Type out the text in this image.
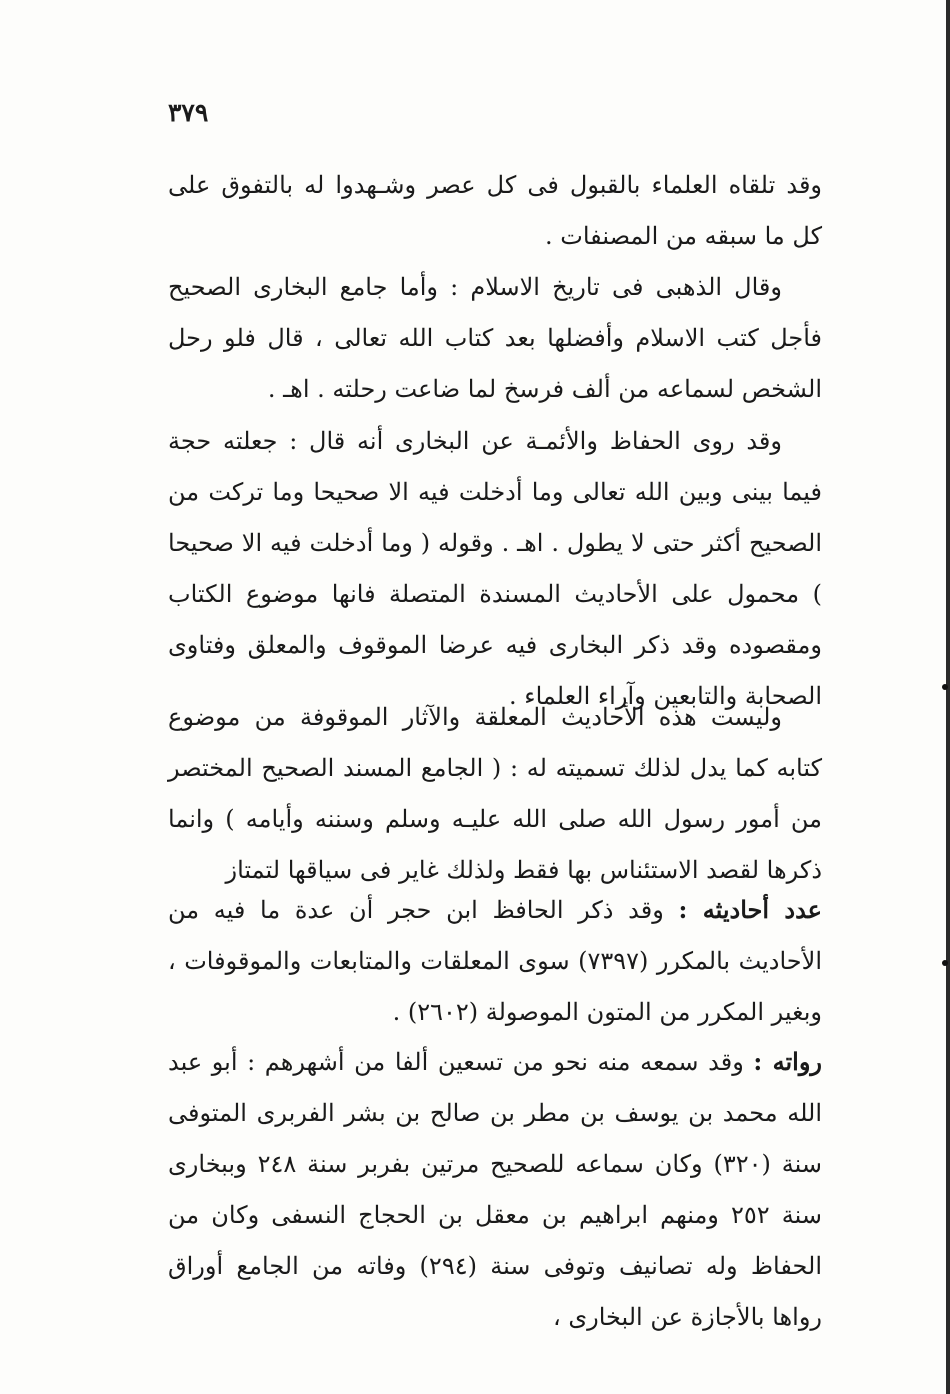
٣٧٩

وقد تلقاه العلماء بالقبول فى كل عصر وشـهدوا له بالتفوق على كل ما سبقه من المصنفات .

وقال الذهبى فى تاريخ الاسلام : وأما جامع البخارى الصحيح فأجل كتب الاسلام وأفضلها بعد كتاب الله تعالى ، قال فلو رحل الشخص لسماعه من ألف فرسخ لما ضاعت رحلته . اهـ .

وقد روى الحفاظ والأئمـة عن البخارى أنه قال : جعلته حجة فيما بينى وبين الله تعالى وما أدخلت فيه الا صحيحا وما تركت من الصحيح أكثر حتى لا يطول . اهـ . وقوله ( وما أدخلت فيه الا صحيحا ) محمول على الأحاديث المسندة المتصلة فانها موضوع الكتاب ومقصوده وقد ذكر البخارى فيه عرضا الموقوف والمعلق وفتاوى الصحابة والتابعين وآراء العلماء .

وليست هذه الأحاديث المعلقة والآثار الموقوفة من موضوع كتابه كما يدل لذلك تسميته له : ( الجامع المسند الصحيح المختصر من أمور رسول الله صلى الله عليـه وسلم وسننه وأيامه ) وانما ذكرها لقصد الاستئناس بها فقط ولذلك غاير فى سياقها لتمتاز

عدد أحاديثه : وقد ذكر الحافظ ابن حجر أن عدة ما فيه من الأحاديث بالمكرر (٧٣٩٧) سوى المعلقات والمتابعات والموقوفات ، وبغير المكرر من المتون الموصولة (٢٦٠٢) .

رواته : وقد سمعه منه نحو من تسعين ألفا من أشهرهم : أبو عبد الله محمد بن يوسف بن مطر بن صالح بن بشر الفربرى المتوفى سنة (٣٢٠) وكان سماعه للصحيح مرتين بفربر سنة ٢٤٨ وببخارى سنة ٢٥٢ ومنهم ابراهيم بن معقل بن الحجاج النسفى وكان من الحفاظ وله تصانيف وتوفى سنة (٢٩٤) وفاته من الجامع أوراق رواها بالأجازة عن البخارى ،
